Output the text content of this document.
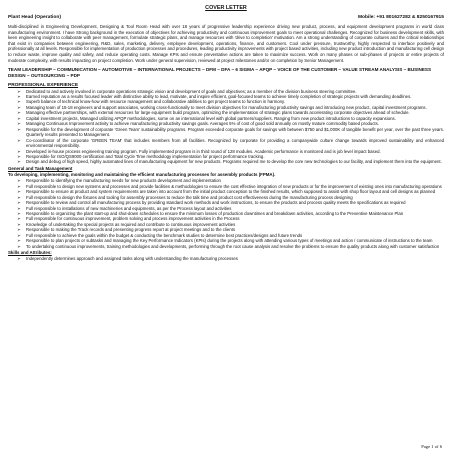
COVER LETTER
Plant Head (Operation)	Mobile: +91 801627282 & 8250167915

Multi-disciplined in Engineering Development, Designing & Tool Room Head with over 18 years of progressive leadership experience driving new product, process, and equipment development programs in world class manufacturing environment. I have Strong background in the execution of objectives for achieving productivity and continuous improvement goals to meet operational challenges. Recognized for business development skills, with keen engineering insight to collaborate with peer management, formulate strategic plans, and manage resources with 'drive to completion' motivation. Am a strong understanding of corporate cultures and the critical relationships that exist in companies between engineering, R&D, sales, marketing, delivery, employee development, operations, finance, and customers. Cool under pressure, trustworthy, highly respected to interface positively and professionally at all levels. Responsible for implementation of production processes and procedures, leading productivity improvements with project based activities, including new product introduction and manufacturing cell design to reduce waste, improve quality and safety, and reduce operating costs. Manage KPIs and ensure preventative actions are taken to maximize success. Work on many phases or sub-phases of projects or entire projects of moderate complexity, with results impacting on project completion. Work under general supervision, reviewed at project milestones and/or on completion by Senior Management.

TEAM LEADERSHIP ~ COMMUNICATION ~ AUTOMOTIVE ~ INTERNATIONAL PROJECTS ~ DFM ~ DFA ~ 6 SIGMA ~ APQP ~ VOICE OF THE CUSTOMER ~ VALUE STREAM ANALYSIS ~ BUSINESS DESIGN ~ OUTSOURCING ~ PDP

PROFESSIONAL EXPERIENCE
➢ Dedicated to and actively involved in corporate operations strategic vision and development of goals and objectives; as a member of the division business steering committee.
➢ Earned reputation as a results focused leader with distinctive ability to lead, motivate, and inspire efficient, goal-focused teams to achieve timely completion of strategic projects with demanding deadlines.
➢ Superb balance of technical know-how with resource management and collaborative abilities to get project teams to function in harmony.
➢ Managing team of 15-18 engineers and support associates, working cross-functionally to meet division objectives for manufacturing productivity savings and introducing new product, capital investment programs.
➢ Managing effective partnerships, with external resources for large equipment build program, optimizing the implementation of strategic plans towards accelerating corporate objectives ahead of schedule.
➢ Capital investment projects, Managed utilizing APQP methodologies, some on an international level with global partners/suppliers. Ranging from new product introductions to capacity expansions.
➢ Managing Continuous Improvement activity to achieve manufacturing productivity savings goals. Averages 5% of cost of good sold annually on mostly mature commodity based products.
➢ Responsible for the development of corporate 'Green Team' sustainability programs. Program exceeded corporate goals for savings with between $750 and $1,000K of tangible benefit per year, over the past three years. Quarterly results presented to Management.
➢ Co-coordinator of the corporate 'GREEN TEAM' that includes members from all facilities. Recognized by corporate for providing a companywide culture change towards improved sustainability and enhanced environmental responsibility.
➢ Developed in-house process engineering training program. Fully implemented program is in third round of 128 modules. Academic performance is monitored and is job level impact based.
➢ Responsible for ISO/QS9000 certification and Total Cycle Time methodology implementation for project performance tracking.
➢ Design and debug of high speed, highly automated lines of manufacturing equipment for new products. Programs required me to develop the core new technologies to our facility, and implement them into the equipment.
General and Task Management
To developing, implementing, monitoring and maintaining the efficient manufacturing processes for assembly products (FPMA).
➢ Responsible to identifying the manufacturing needs for new products development and implementation
➢ Full responsible to design new systems and processes and provide facilities & methodologies to ensure the cost effective integration of new products or for the improvement of existing ones into manufacturing operations
➢ Responsible to ensure at product and system requirements are taken into account from the initial product conception to the finished results, which supposed to assist with shop floor layout and cell designs as planned
➢ Full responsible to design the fixtures and tooling for assembly processes to reduce the talk time and product cost effectiveness during the manufacturing process designing
➢ Responsible to review and control all manufacturing process by providing standard work methods and work instructions, to ensure the products and process quality meets the specifications as required
➢ Full responsible to installations of new machineries and equipments, as per the Process layout and activities
➢ Responsible to organizing the plant start-up and shut-down schedules to ensure the minimum losses of production downtimes and breakdown activities, according to the Preventive Maintenance Plan
➢ Full responsible for continuous improvement, problem solving and process improvement activities in the Process
➢ Knowledge of undertaking the special projects as required and contribute to continuous improvement activities
➢ Responsible to making the Track records and presenting progress report at project meetings and to the clients
➢ Full responsible to achieve the goals within the budget & conducting the benchmark studies to determine best practices/designs and future trends
➢ Responsible to plan projects or subtasks and managing the Key Performance Indicators (KPIs) during the projects along with attending various types of meetings and action / communicate of instructions to the team
➢ To undertaking continuous improvements, training methodologies and developments, performing through the root cause analysis and resolve the problems to ensure the quality products along with customer satisfaction
Skills and Attributes:
➢ Independently determines approach and assigned tasks along with understanding the manufacturing processes
Page 1 of 6
